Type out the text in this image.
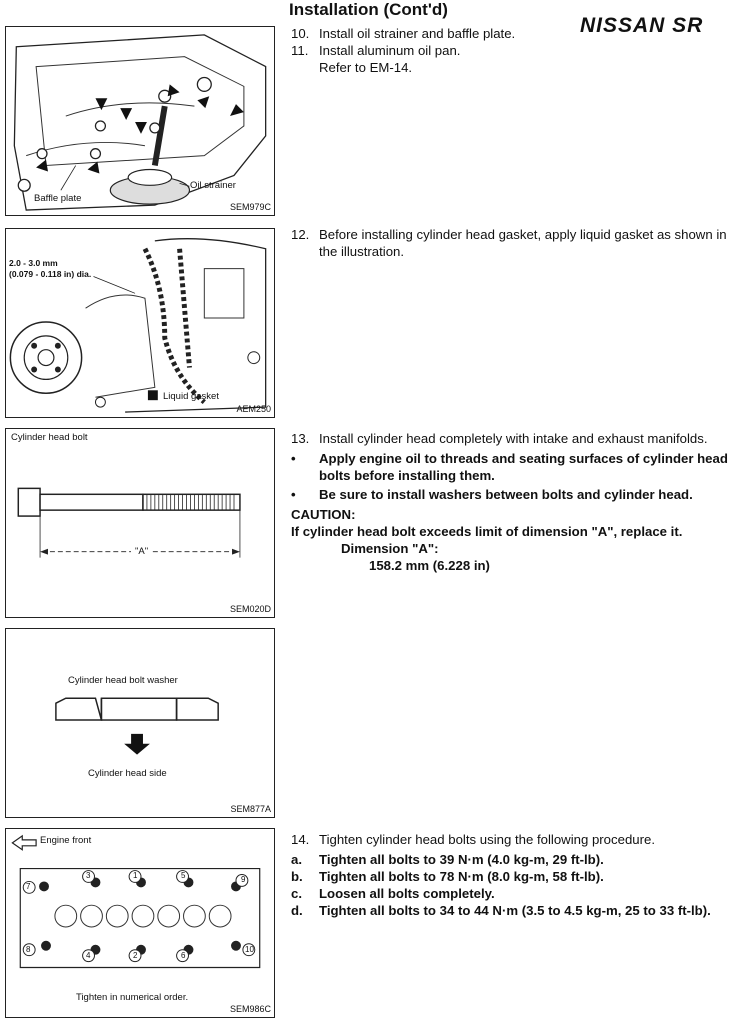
Installation (Cont'd)
NISSAN SR
Oil strainer
Baffle plate
SEM979C
2.0 - 3.0 mm
(0.079 - 0.118 in) dia.
Liquid gasket
AEM250
Cylinder head bolt
"A"
SEM020D
Cylinder head bolt washer
Cylinder head side
SEM877A
Engine front
7
3	1	5	9
8
4	2	6
10
Tighten in numerical order.
SEM986C

10. Install oil strainer and baffle plate.

11. Install aluminum oil pan.
Refer to EM-14.

12. Before installing cylinder head gasket, apply liquid gasket as shown in the illustration.

13. Install cylinder head completely with intake and exhaust manifolds.

• Apply engine oil to threads and seating surfaces of cylinder head bolts before installing them.

• Be sure to install washers between bolts and cylinder head.

CAUTION:

If cylinder head bolt exceeds limit of dimension "A", replace it.

Dimension "A":

158.2 mm (6.228 in)

14. Tighten cylinder head bolts using the following procedure.

a. Tighten all bolts to 39 N·m (4.0 kg-m, 29 ft-lb).

b. Tighten all bolts to 78 N·m (8.0 kg-m, 58 ft-lb).

c. Loosen all bolts completely.

d. Tighten all bolts to 34 to 44 N·m (3.5 to 4.5 kg-m, 25 to 33 ft-lb).
